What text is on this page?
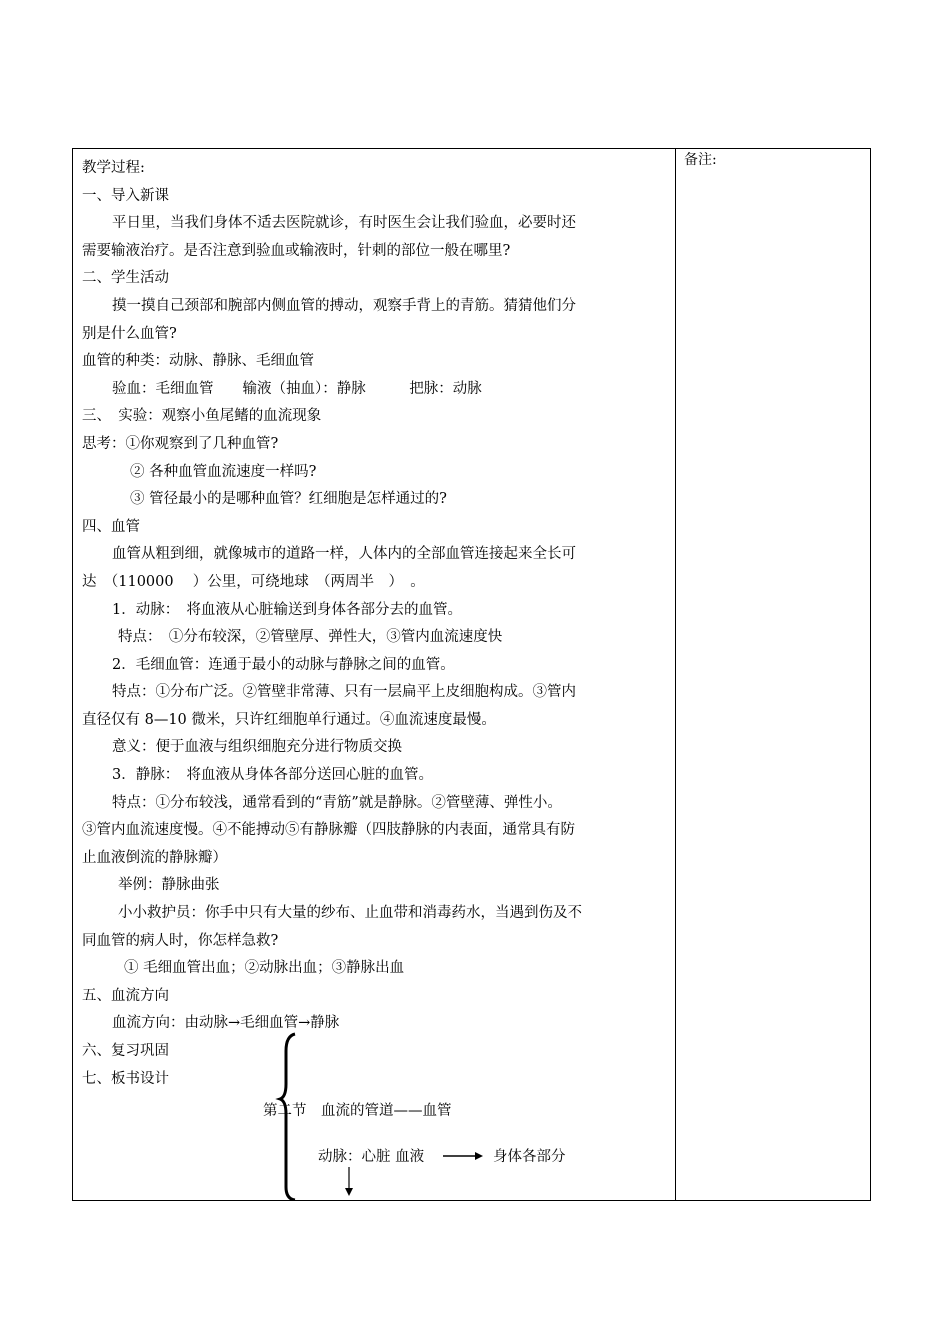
备注:
教学过程:
一、导入新课
平日里，当我们身体不适去医院就诊，有时医生会让我们验血，必要时还
需要输液治疗。是否注意到验血或输液时，针刺的部位一般在哪里?
二、学生活动
摸一摸自己颈部和腕部内侧血管的搏动，观察手背上的青筋。猜猜他们分
别是什么血管?
血管的种类：动脉、静脉、毛细血管
验血：毛细血管　　输液（抽血）：静脉　　　把脉：动脉
三、　实验：观察小鱼尾鳍的血流现象
思考：①你观察到了几种血管?
② 各种血管血流速度一样吗?
③ 管径最小的是哪种血管？红细胞是怎样通过的?
四、血管
血管从粗到细，就像城市的道路一样，人体内的全部血管连接起来全长可
达　（110000　 ）公里，可绕地球　（两周半　）　。
1．动脉：　将血液从心脏输送到身体各部分去的血管。
特点：　①分布较深，②管壁厚、弹性大，③管内血流速度快
2．毛细血管：连通于最小的动脉与静脉之间的血管。
特点：①分布广泛。②管壁非常薄、只有一层扁平上皮细胞构成。③管内
直径仅有 8—10 微米，只许红细胞单行通过。④血流速度最慢。
意义：便于血液与组织细胞充分进行物质交换
3．静脉：　将血液从身体各部分送回心脏的血管。
特点：①分布较浅，通常看到的“青筋”就是静脉。②管壁薄、弹性小。
③管内血流速度慢。④不能搏动⑤有静脉瓣（四肢静脉的内表面，通常具有防
止血液倒流的静脉瓣）
举例：静脉曲张
小小救护员：你手中只有大量的纱布、止血带和消毒药水，当遇到伤及不
同血管的病人时，你怎样急救?
① 毛细血管出血；②动脉出血；③静脉出血
五、血流方向
血流方向：由动脉→毛细血管→静脉
六、复习巩固
七、板书设计
第二节　血流的管道——血管
动脉：心脏 血液	身体各部分
